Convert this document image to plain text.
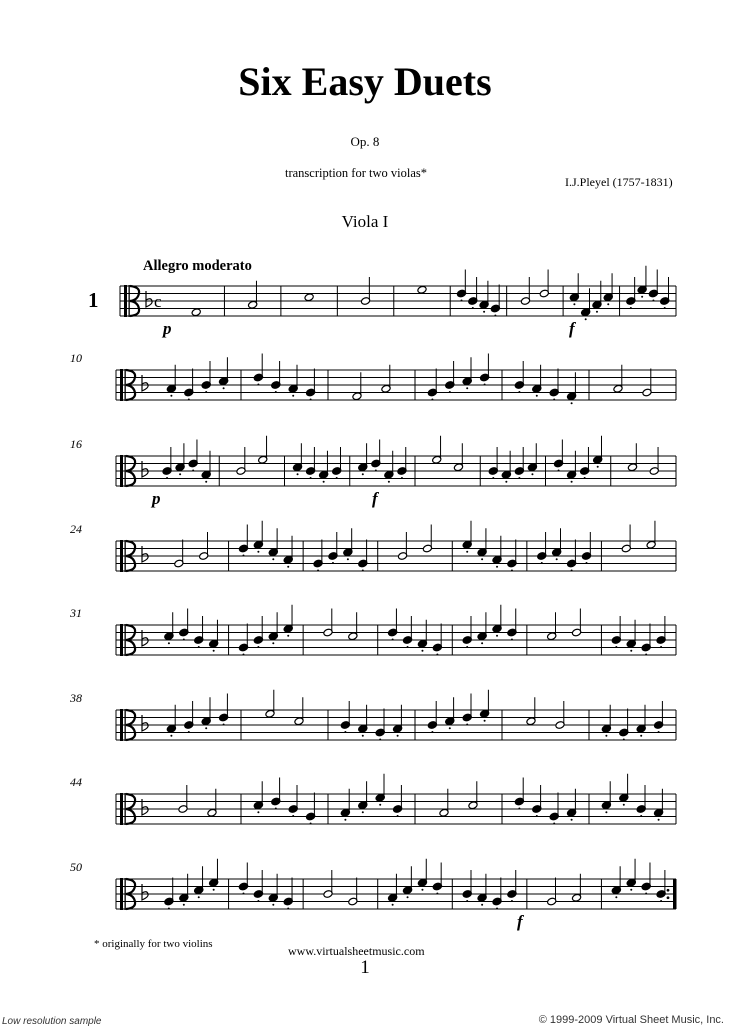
Six Easy Duets
Op. 8
transcription for two violas*
I.J.Pleyel (1757-1831)
Viola I
Allegro moderato
1	c
10
16
24
31
38
44
50
p	f
p	f
f
* originally for two violins	www.virtualsheetmusic.com
1
Low resolution sample	© 1999-2009 Virtual Sheet Music, Inc.
